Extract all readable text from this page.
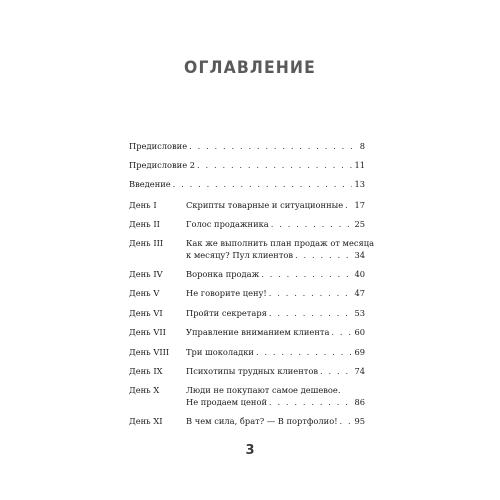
ОГЛАВЛЕНИЕ
Предисловие . . .	8
Предисловие 2 . . .	11
Введение . . .	13
День I	Скрипты товарные и ситуационные . . . 17
День II	Голос продажника . . .	25
День III	Как же выполнить план продаж от месяца
к месяцу? Пул клиентов . . .	34
День IV	Воронка продаж . . .	40
День V	Не говорите цену! . . .	47
День VI	Пройти секретаря . . .	53
День VII Управление вниманием клиента . . .	60
День VIII Три шоколадки . . .	69
День IX	Психотипы трудных клиентов . . .	74
День X	Люди не покупают самое дешевое.
Не продаем ценой . . .	86
День XI	В чем сила, брат? — В портфолио! . . . 95
3
